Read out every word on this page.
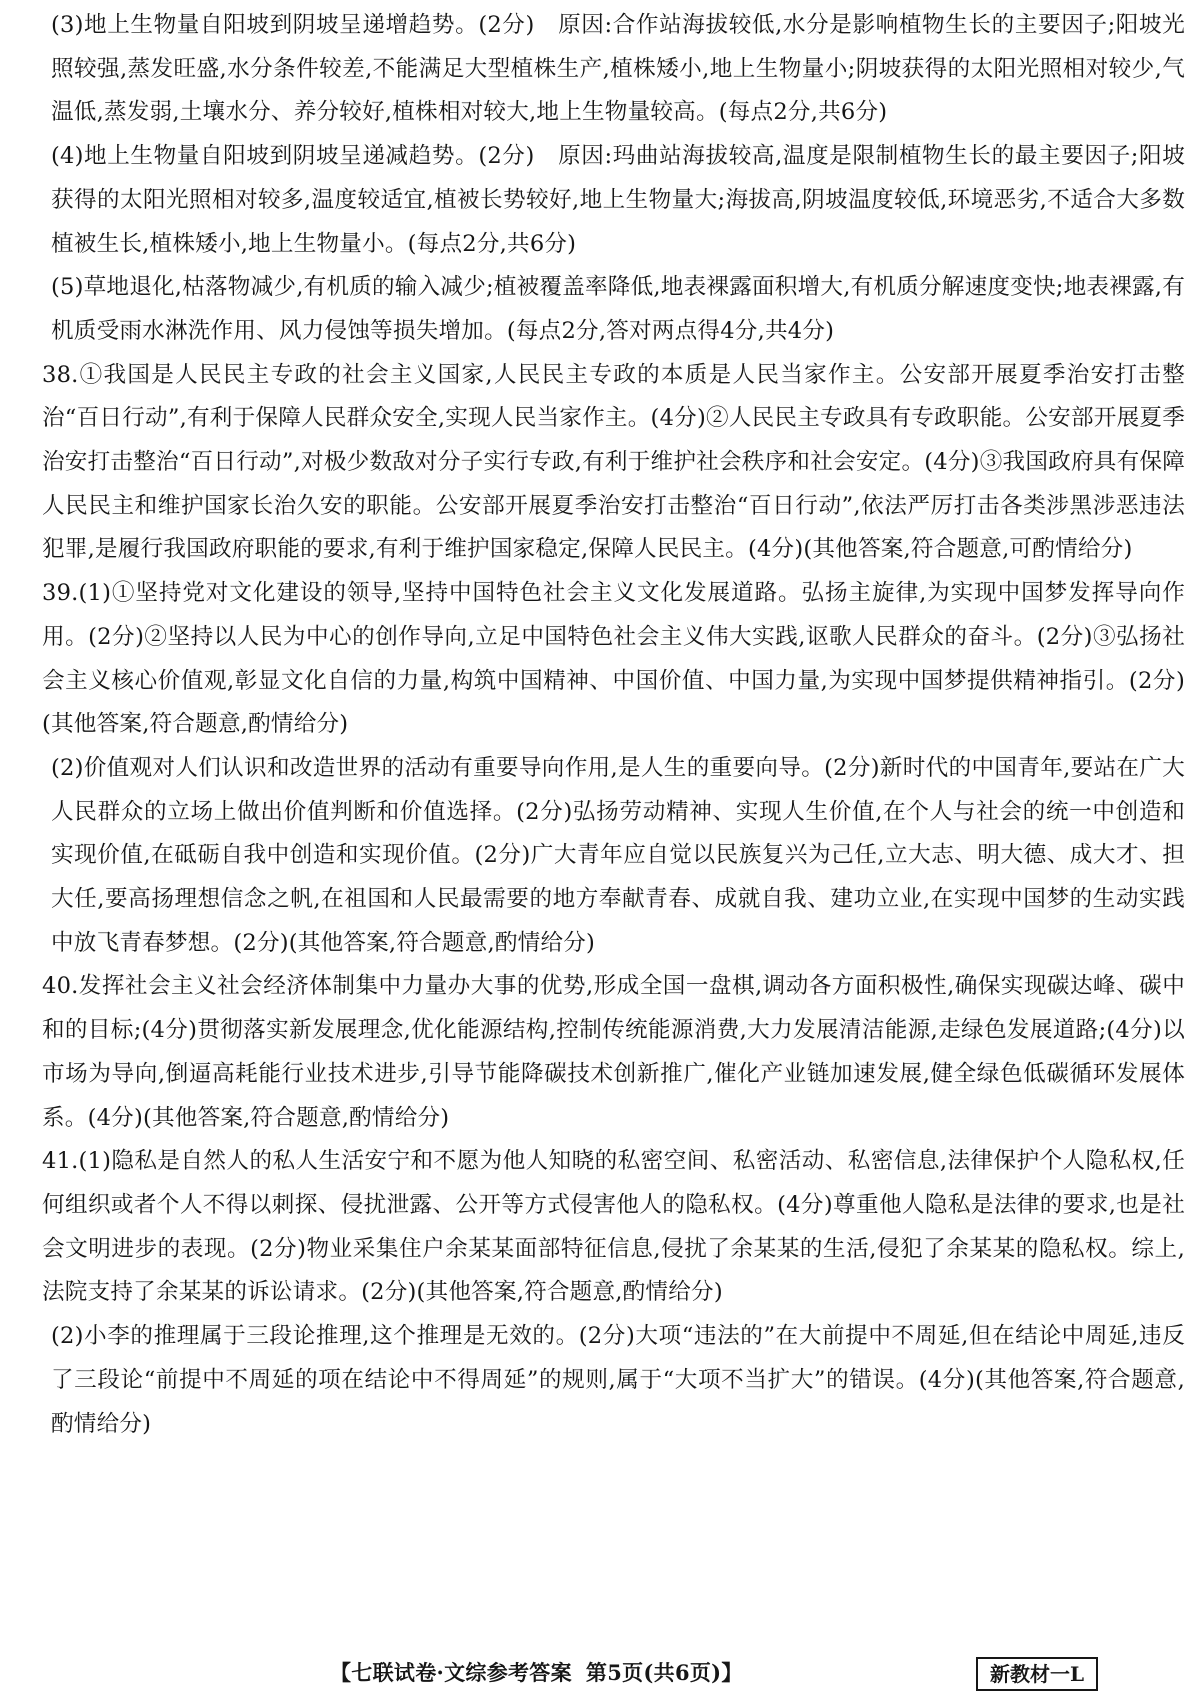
(3)地上生物量自阳坡到阴坡呈递增趋势。(2分)　原因:合作站海拔较低,水分是影响植物生长的主要因子;阳坡光照较强,蒸发旺盛,水分条件较差,不能满足大型植株生产,植株矮小,地上生物量小;阴坡获得的太阳光照相对较少,气温低,蒸发弱,土壤水分、养分较好,植株相对较大,地上生物量较高。(每点2分,共6分)

(4)地上生物量自阳坡到阴坡呈递减趋势。(2分)　原因:玛曲站海拔较高,温度是限制植物生长的最主要因子;阳坡获得的太阳光照相对较多,温度较适宜,植被长势较好,地上生物量大;海拔高,阴坡温度较低,环境恶劣,不适合大多数植被生长,植株矮小,地上生物量小。(每点2分,共6分)

(5)草地退化,枯落物减少,有机质的输入减少;植被覆盖率降低,地表裸露面积增大,有机质分解速度变快;地表裸露,有机质受雨水淋洗作用、风力侵蚀等损失增加。(每点2分,答对两点得4分,共4分)

38.①我国是人民民主专政的社会主义国家,人民民主专政的本质是人民当家作主。公安部开展夏季治安打击整治“百日行动”,有利于保障人民群众安全,实现人民当家作主。(4分)②人民民主专政具有专政职能。公安部开展夏季治安打击整治“百日行动”,对极少数敌对分子实行专政,有利于维护社会秩序和社会安定。(4分)③我国政府具有保障人民民主和维护国家长治久安的职能。公安部开展夏季治安打击整治“百日行动”,依法严厉打击各类涉黑涉恶违法犯罪,是履行我国政府职能的要求,有利于维护国家稳定,保障人民民主。(4分)(其他答案,符合题意,可酌情给分)

39.(1)①坚持党对文化建设的领导,坚持中国特色社会主义文化发展道路。弘扬主旋律,为实现中国梦发挥导向作用。(2分)②坚持以人民为中心的创作导向,立足中国特色社会主义伟大实践,讴歌人民群众的奋斗。(2分)③弘扬社会主义核心价值观,彰显文化自信的力量,构筑中国精神、中国价值、中国力量,为实现中国梦提供精神指引。(2分)(其他答案,符合题意,酌情给分)

(2)价值观对人们认识和改造世界的活动有重要导向作用,是人生的重要向导。(2分)新时代的中国青年,要站在广大人民群众的立场上做出价值判断和价值选择。(2分)弘扬劳动精神、实现人生价值,在个人与社会的统一中创造和实现价值,在砥砺自我中创造和实现价值。(2分)广大青年应自觉以民族复兴为己任,立大志、明大德、成大才、担大任,要高扬理想信念之帆,在祖国和人民最需要的地方奉献青春、成就自我、建功立业,在实现中国梦的生动实践中放飞青春梦想。(2分)(其他答案,符合题意,酌情给分)

40.发挥社会主义社会经济体制集中力量办大事的优势,形成全国一盘棋,调动各方面积极性,确保实现碳达峰、碳中和的目标;(4分)贯彻落实新发展理念,优化能源结构,控制传统能源消费,大力发展清洁能源,走绿色发展道路;(4分)以市场为导向,倒逼高耗能行业技术进步,引导节能降碳技术创新推广,催化产业链加速发展,健全绿色低碳循环发展体系。(4分)(其他答案,符合题意,酌情给分)

41.(1)隐私是自然人的私人生活安宁和不愿为他人知晓的私密空间、私密活动、私密信息,法律保护个人隐私权,任何组织或者个人不得以刺探、侵扰泄露、公开等方式侵害他人的隐私权。(4分)尊重他人隐私是法律的要求,也是社会文明进步的表现。(2分)物业采集住户余某某面部特征信息,侵扰了余某某的生活,侵犯了余某某的隐私权。综上,法院支持了余某某的诉讼请求。(2分)(其他答案,符合题意,酌情给分)

(2)小李的推理属于三段论推理,这个推理是无效的。(2分)大项“违法的”在大前提中不周延,但在结论中周延,违反了三段论“前提中不周延的项在结论中不得周延”的规则,属于“大项不当扩大”的错误。(4分)(其他答案,符合题意,酌情给分)

【七联试卷·文综参考答案 第5页(共6页)】	新教材一L
